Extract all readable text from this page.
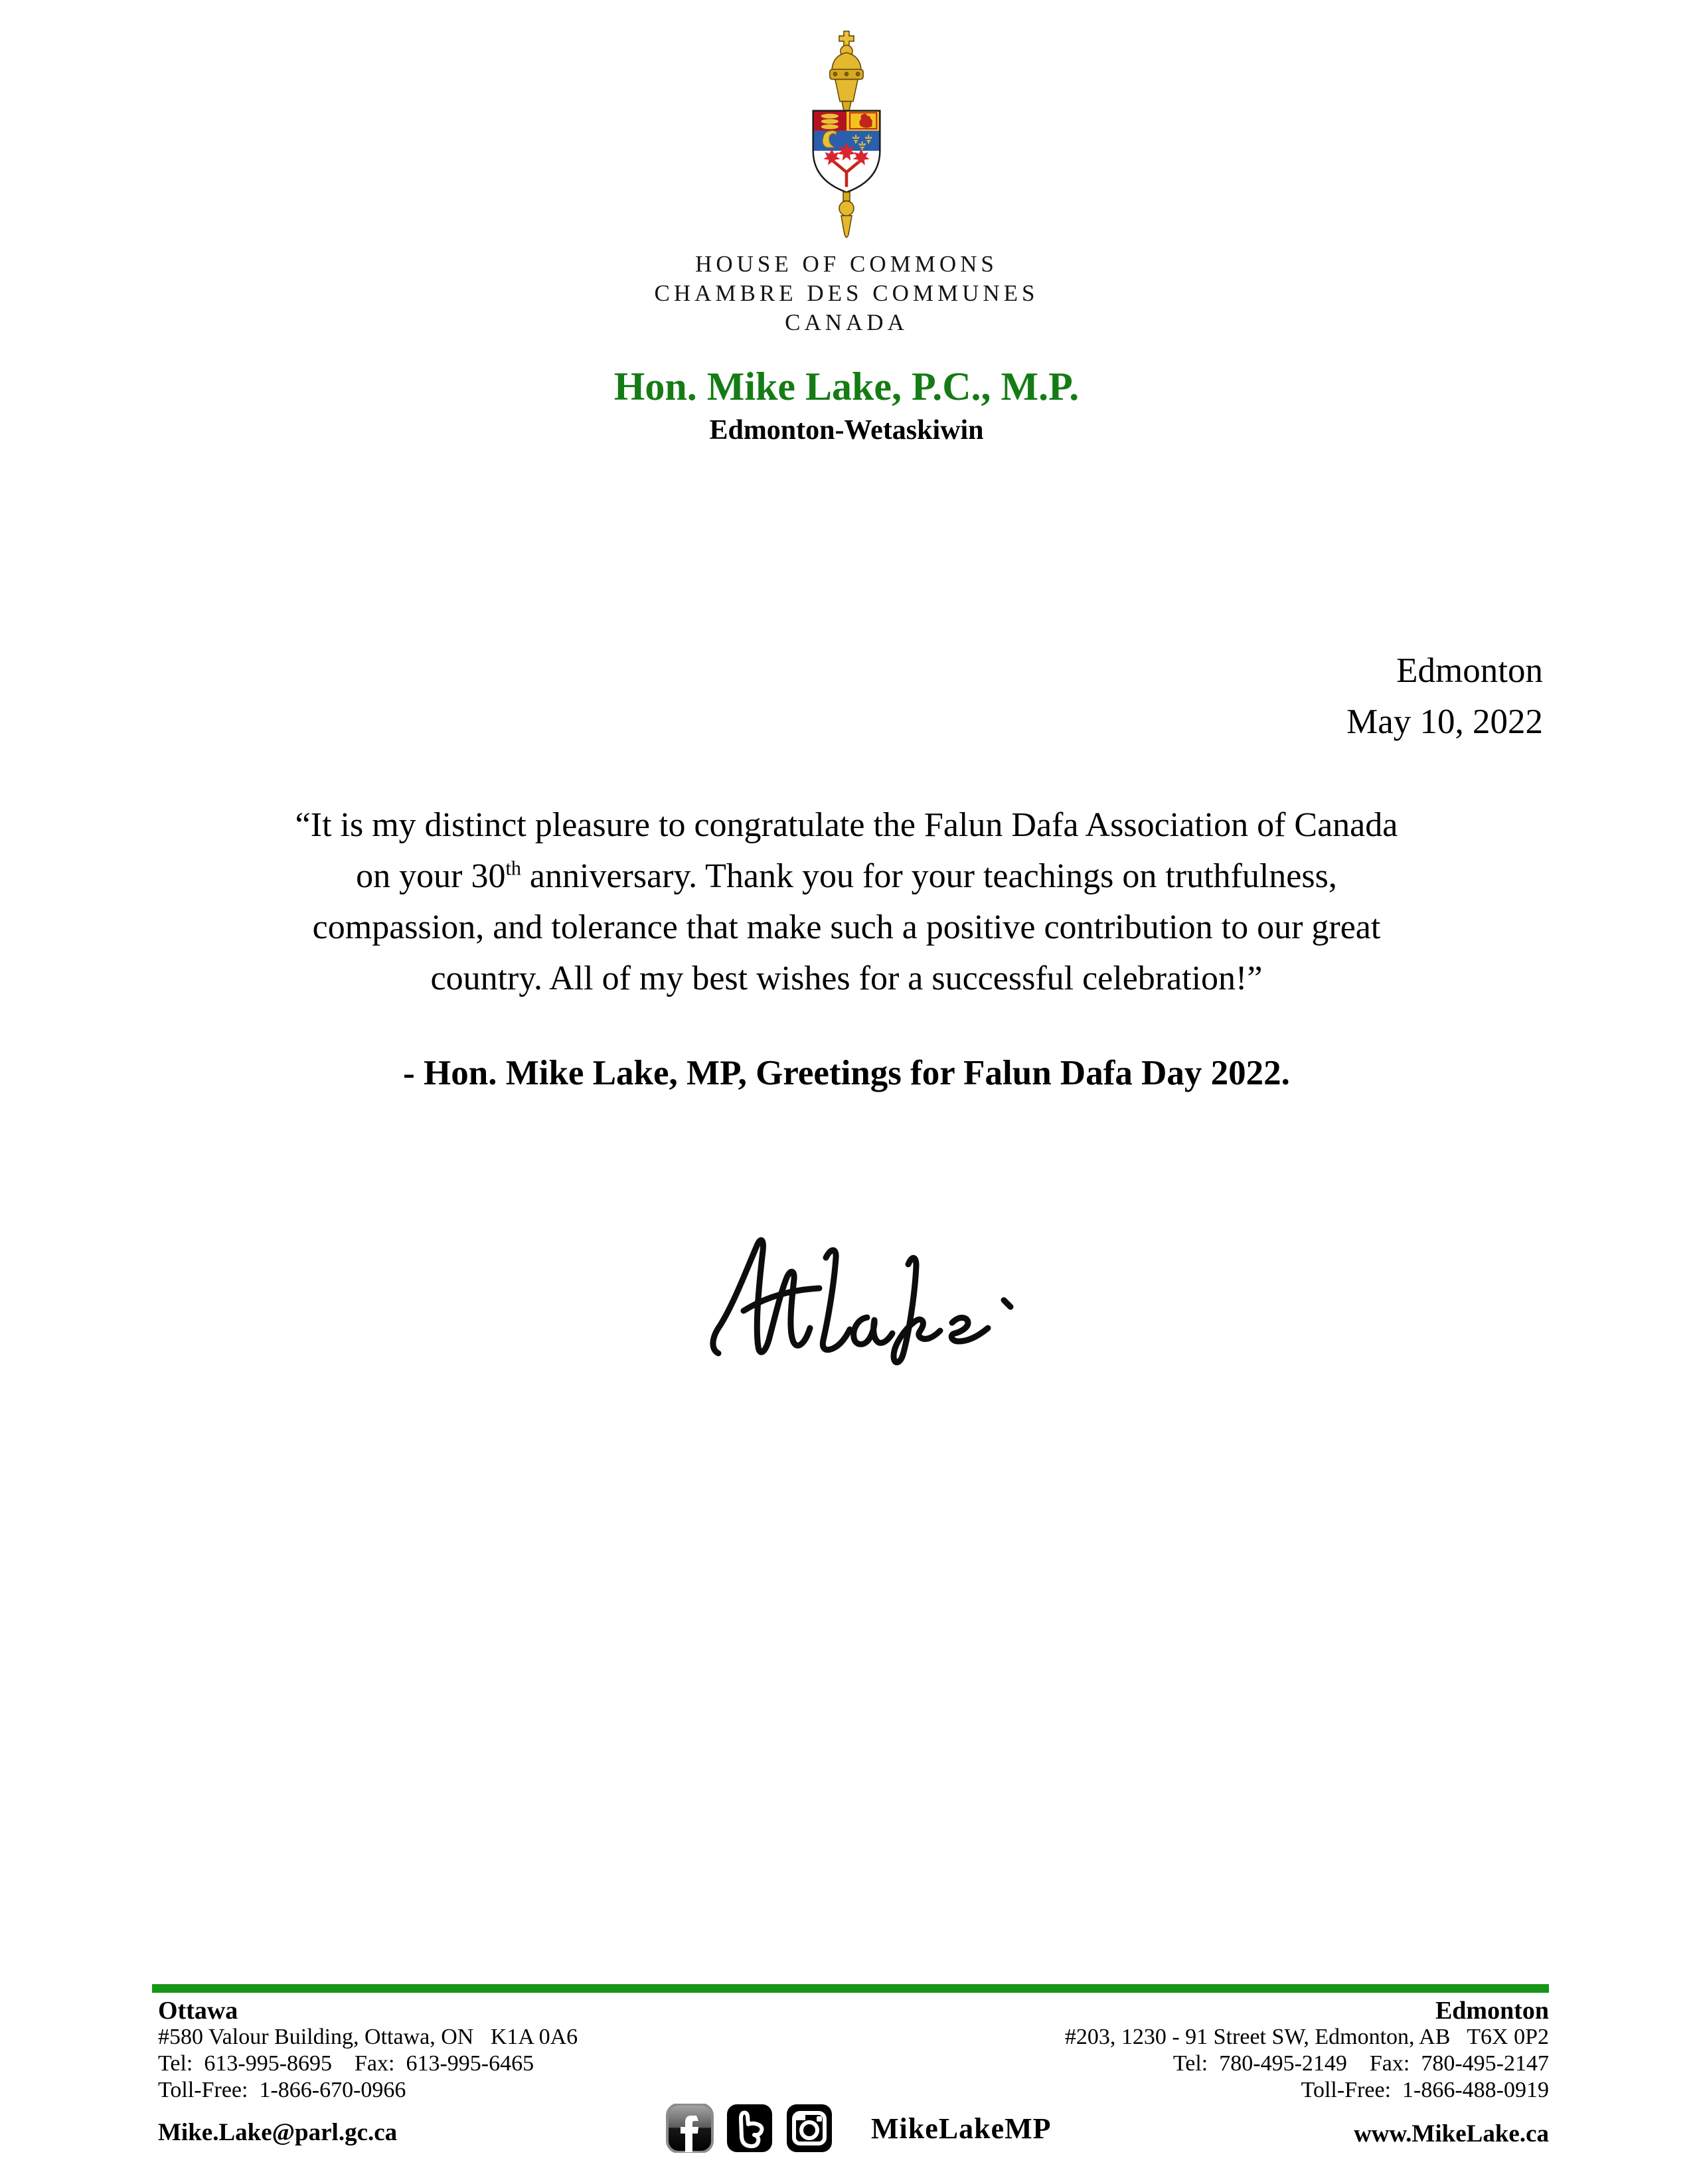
HOUSE OF COMMONS
CHAMBRE DES COMMUNES
CANADA
Hon. Mike Lake, P.C., M.P.
Edmonton-Wetaskiwin
Edmonton
May 10, 2022
“It is my distinct pleasure to congratulate the Falun Dafa Association of Canada
on your 30th anniversary. Thank you for your teachings on truthfulness,
compassion, and tolerance that make such a positive contribution to our great
country. All of my best wishes for a successful celebration!”
- Hon. Mike Lake, MP, Greetings for Falun Dafa Day 2022.
Ottawa
#580 Valour Building, Ottawa, ON   K1A 0A6
Tel:  613-995-8695    Fax:  613-995-6465
Toll-Free:  1-866-670-0966
Edmonton
#203, 1230 - 91 Street SW, Edmonton, AB   T6X 0P2
Tel:  780-495-2149    Fax:  780-495-2147
Toll-Free:  1-866-488-0919
Mike.Lake@parl.gc.ca	MikeLakeMP	www.MikeLake.ca
